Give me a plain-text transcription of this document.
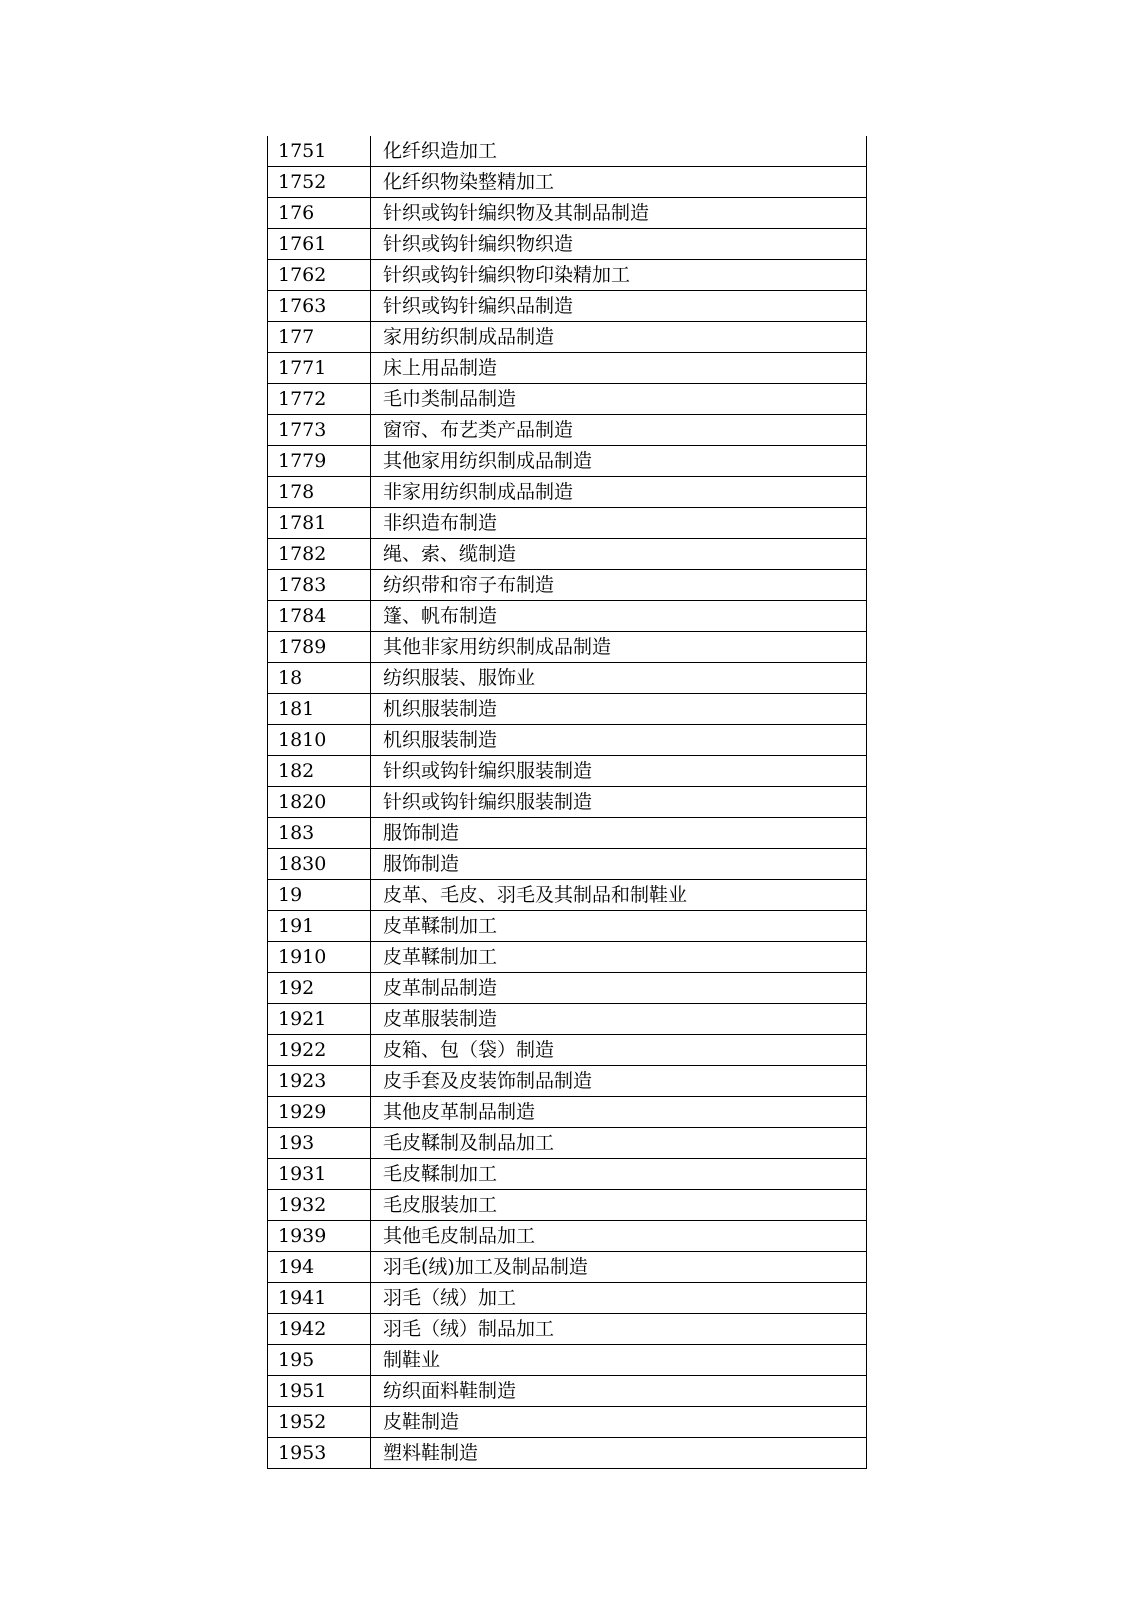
1751	化纤织造加工
1752	化纤织物染整精加工
176	针织或钩针编织物及其制品制造
1761	针织或钩针编织物织造
1762	针织或钩针编织物印染精加工
1763	针织或钩针编织品制造
177	家用纺织制成品制造
1771	床上用品制造
1772	毛巾类制品制造
1773	窗帘、布艺类产品制造
1779	其他家用纺织制成品制造
178	非家用纺织制成品制造
1781	非织造布制造
1782	绳、索、缆制造
1783	纺织带和帘子布制造
1784	篷、帆布制造
1789	其他非家用纺织制成品制造
18	纺织服装、服饰业
181	机织服装制造
1810	机织服装制造
182	针织或钩针编织服装制造
1820	针织或钩针编织服装制造
183	服饰制造
1830	服饰制造
19	皮革、毛皮、羽毛及其制品和制鞋业
191	皮革鞣制加工
1910	皮革鞣制加工
192	皮革制品制造
1921	皮革服装制造
1922	皮箱、包（袋）制造
1923	皮手套及皮装饰制品制造
1929	其他皮革制品制造
193	毛皮鞣制及制品加工
1931	毛皮鞣制加工
1932	毛皮服装加工
1939	其他毛皮制品加工
194	羽毛(绒)加工及制品制造
1941	羽毛（绒）加工
1942	羽毛（绒）制品加工
195	制鞋业
1951	纺织面料鞋制造
1952	皮鞋制造
1953	塑料鞋制造
